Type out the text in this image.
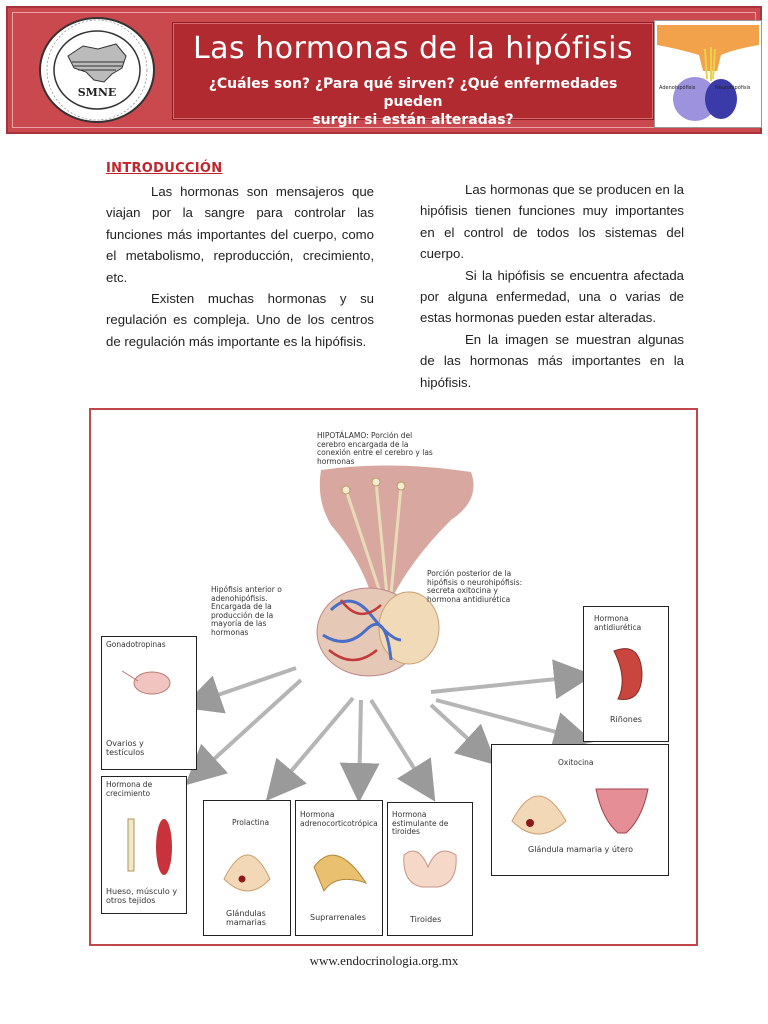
SMNE
Las hormonas de la hipófisis
¿Cuáles son? ¿Para qué sirven? ¿Qué enfermedades pueden
surgir si están alteradas?
Adenohipófisis	Neurohipófisis
INTRODUCCIÓN

Las hormonas son mensajeros que viajan por la sangre para controlar las funciones más importantes del cuerpo, como el metabolismo, reproducción, crecimiento, etc.

Existen muchas hormonas y su regulación es compleja. Uno de los centros de regulación más importante es la hipófisis.

Las hormonas que se producen en la hipófisis tienen funciones muy importantes en el control de todos los sistemas del cuerpo.

Si la hipófisis se encuentra afectada por alguna enfermedad, una o varias de estas hormonas pueden estar alteradas.

En la imagen se muestran algunas de las hormonas más importantes en la hipófisis.

HIPOTÁLAMO: Porción del cerebro encargada de la conexión entre el cerebro y las hormonas
Hipófisis anterior o adenohipófisis. Encargada de la producción de la mayoría de las hormonas
Porción posterior de la hipófisis o neurohipófisis: secreta oxitocina y hormona antidiurética
Gonadotropinas
Ovarios y testículos
Hormona de crecimiento
Hueso, músculo y otros tejidos
Prolactina
Glándulas mamarias
Hormona adrenocorticotrópica
Suprarrenales
Hormona estimulante de tiroides
Tiroides
Hormona antidiurética
Riñones
Oxitocina
Glándula mamaria y útero
www.endocrinologia.org.mx
